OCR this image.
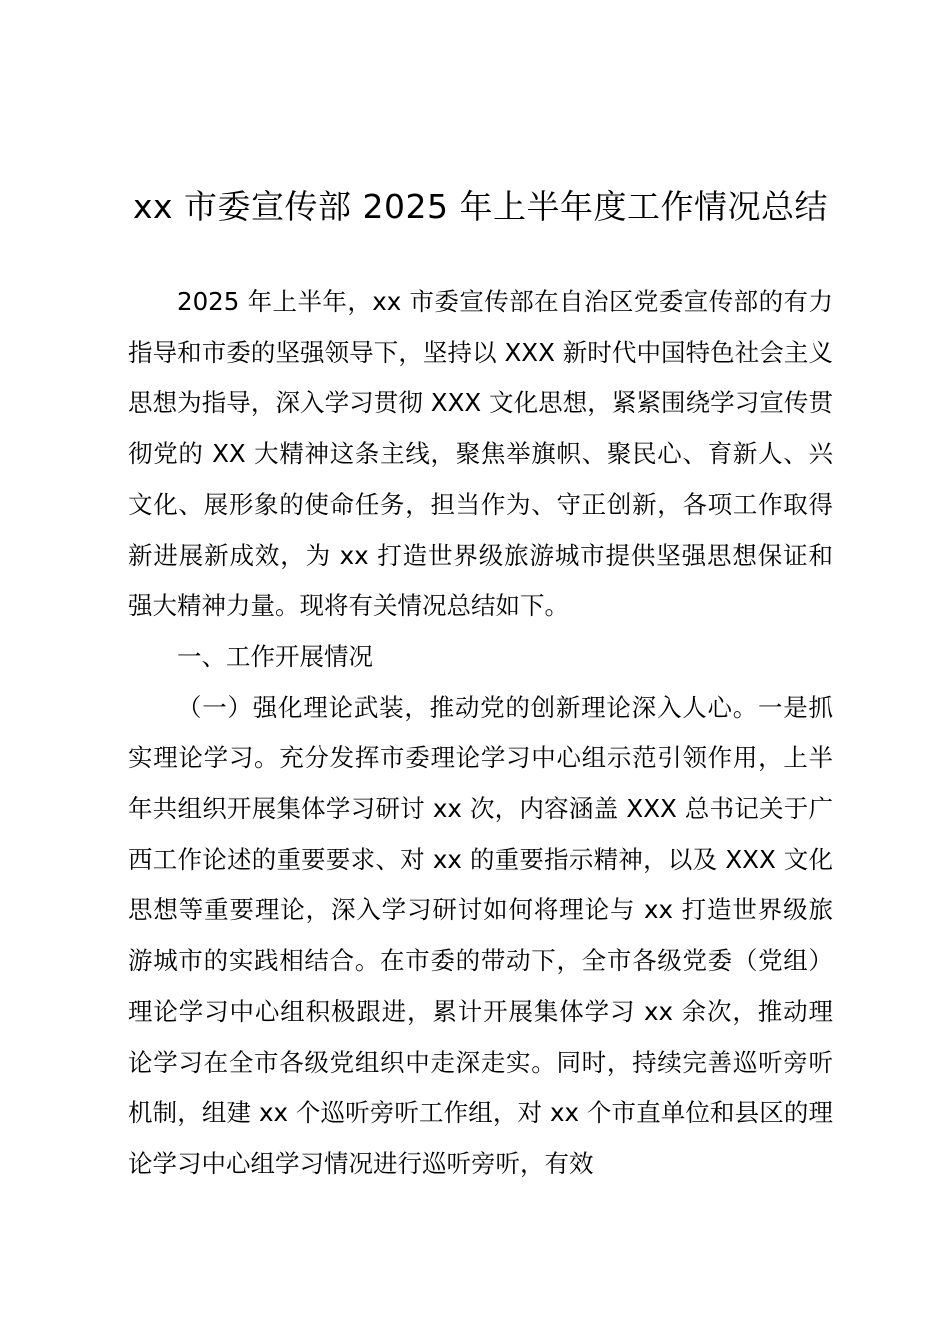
xx 市委宣传部 2025 年上半年度工作情况总结

2025 年上半年，xx 市委宣传部在自治区党委宣传部的有力指导和市委的坚强领导下，坚持以 XXX 新时代中国特色社会主义思想为指导，深入学习贯彻 XXX 文化思想，紧紧围绕学习宣传贯彻党的 XX 大精神这条主线，聚焦举旗帜、聚民心、育新人、兴文化、展形象的使命任务，担当作为、守正创新，各项工作取得新进展新成效，为 xx 打造世界级旅游城市提供坚强思想保证和强大精神力量。现将有关情况总结如下。

一、工作开展情况

（一）强化理论武装，推动党的创新理论深入人心。一是抓实理论学习。充分发挥市委理论学习中心组示范引领作用，上半年共组织开展集体学习研讨 xx 次，内容涵盖 XXX 总书记关于广西工作论述的重要要求、对 xx 的重要指示精神，以及 XXX 文化思想等重要理论，深入学习研讨如何将理论与 xx 打造世界级旅游城市的实践相结合。在市委的带动下，全市各级党委（党组）理论学习中心组积极跟进，累计开展集体学习 xx 余次，推动理论学习在全市各级党组织中走深走实。同时，持续完善巡听旁听机制，组建 xx 个巡听旁听工作组，对 xx 个市直单位和县区的理论学习中心组学习情况进行巡听旁听，有效
